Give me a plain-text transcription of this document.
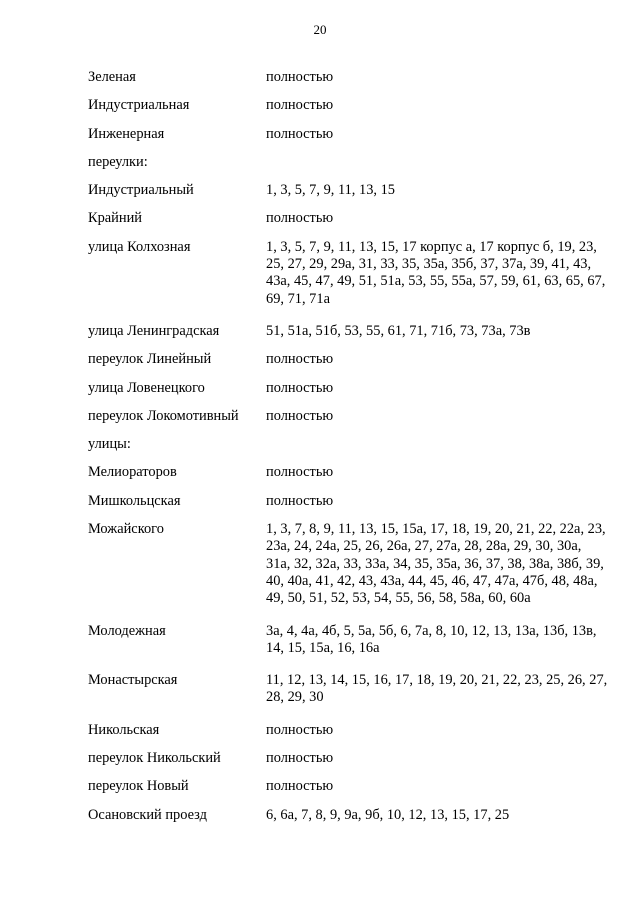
20
Зеленая	полностью
Индустриальная	полностью
Инженерная	полностью
переулки:
Индустриальный	1, 3, 5, 7, 9, 11, 13, 15
Крайний	полностью
улица Колхозная	1, 3, 5, 7, 9, 11, 13, 15, 17 корпус а, 17 корпус б, 19, 23, 25, 27, 29, 29а, 31, 33, 35, 35а, 35б, 37, 37а, 39, 41, 43, 43а, 45, 47, 49, 51, 51а, 53, 55, 55а, 57, 59, 61, 63, 65, 67, 69, 71, 71а
улица Ленинградская	51, 51а, 51б, 53, 55, 61, 71, 71б, 73, 73а, 73в
переулок Линейный	полностью
улица Ловенецкого	полностью
переулок Локомотивный	полностью
улицы:
Мелиораторов	полностью
Мишкольцская	полностью
Можайского	1, 3, 7, 8, 9, 11, 13, 15, 15а, 17, 18, 19, 20, 21, 22, 22а, 23, 23а, 24, 24а, 25, 26, 26а, 27, 27а, 28, 28а, 29, 30, 30а, 31а, 32, 32а, 33, 33а, 34, 35, 35а, 36, 37, 38, 38а, 38б, 39, 40, 40а, 41, 42, 43, 43а, 44, 45, 46, 47, 47а, 47б, 48, 48а, 49, 50, 51, 52, 53, 54, 55, 56, 58, 58а, 60, 60а
Молодежная	3а, 4, 4а, 4б, 5, 5а, 5б, 6, 7а, 8, 10, 12, 13, 13а, 13б, 13в, 14, 15, 15а, 16, 16а
Монастырская	11, 12, 13, 14, 15, 16, 17, 18, 19, 20, 21, 22, 23, 25, 26, 27, 28, 29, 30
Никольская	полностью
переулок Никольский	полностью
переулок Новый	полностью
Осановский проезд	6, 6а, 7, 8, 9, 9а, 9б, 10, 12, 13, 15, 17, 25
